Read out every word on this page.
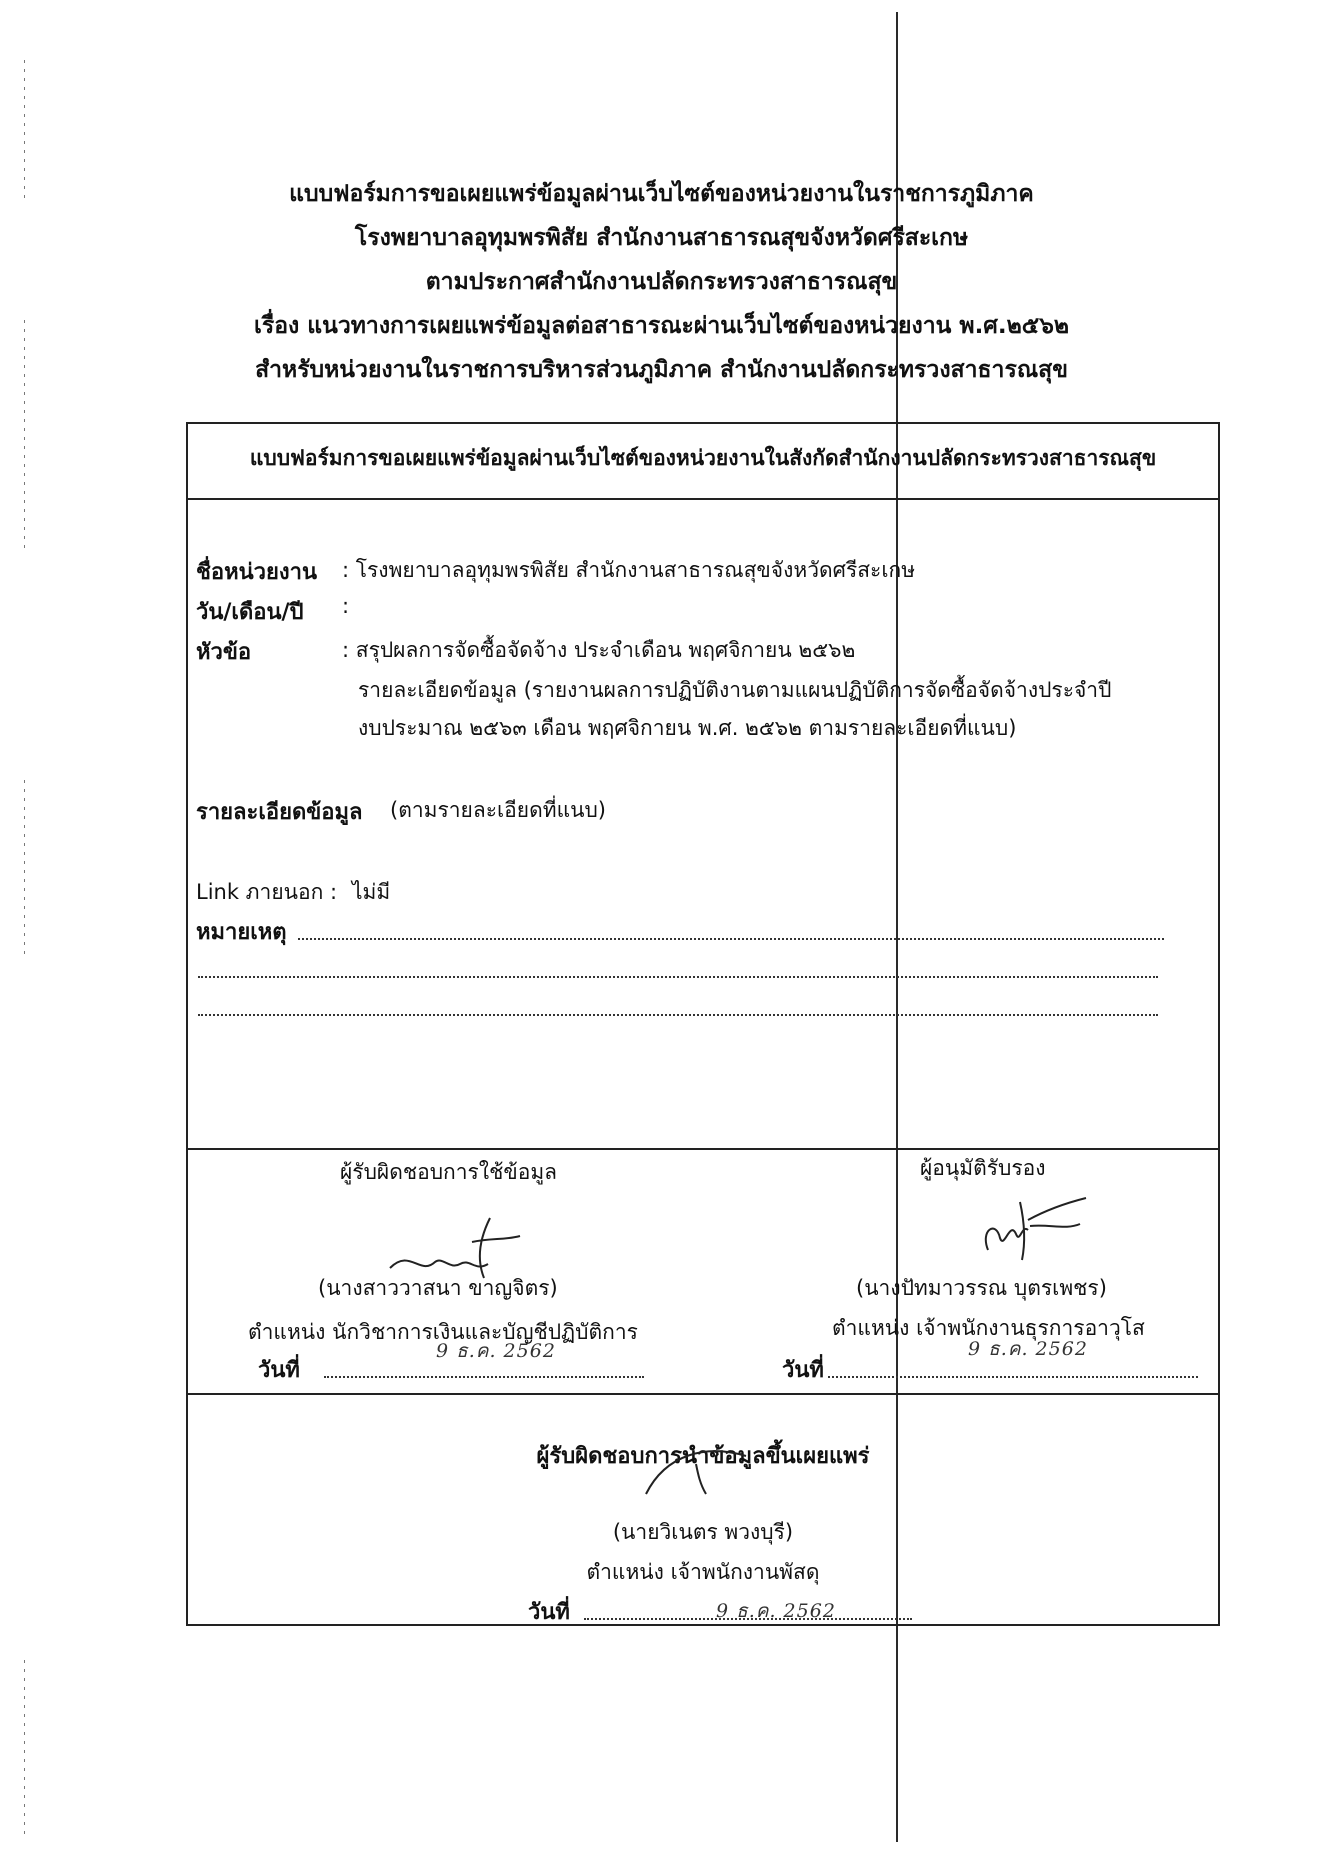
แบบฟอร์มการขอเผยแพร่ข้อมูลผ่านเว็บไซต์ของหน่วยงานในราชการภูมิภาค
โรงพยาบาลอุทุมพรพิสัย สำนักงานสาธารณสุขจังหวัดศรีสะเกษ
ตามประกาศสำนักงานปลัดกระทรวงสาธารณสุข
เรื่อง แนวทางการเผยแพร่ข้อมูลต่อสาธารณะผ่านเว็บไซต์ของหน่วยงาน พ.ศ.๒๕๖๒
สำหรับหน่วยงานในราชการบริหารส่วนภูมิภาค สำนักงานปลัดกระทรวงสาธารณสุข
แบบฟอร์มการขอเผยแพร่ข้อมูลผ่านเว็บไซต์ของหน่วยงานในสังกัดสำนักงานปลัดกระทรวงสาธารณสุข
ชื่อหน่วยงาน : โรงพยาบาลอุทุมพรพิสัย สำนักงานสาธารณสุขจังหวัดศรีสะเกษ
วัน/เดือน/ปี :
หัวข้อ	: สรุปผลการจัดซื้อจัดจ้าง ประจำเดือน พฤศจิกายน ๒๕๖๒
รายละเอียดข้อมูล (รายงานผลการปฏิบัติงานตามแผนปฏิบัติการจัดซื้อจัดจ้างประจำปี
งบประมาณ ๒๕๖๓ เดือน พฤศจิกายน พ.ศ. ๒๕๖๒ ตามรายละเอียดที่แนบ)
รายละเอียดข้อมูล (ตามรายละเอียดที่แนบ)
Link ภายนอก : ไม่มี
หมายเหตุ
ผู้รับผิดชอบการใช้ข้อมูล
(นางสาววาสนา ขาญจิตร)
ตำแหน่ง นักวิชาการเงินและบัญชีปฏิบัติการ
วันที่
9 ธ.ค. 2562
ผู้อนุมัติรับรอง
(นางปัทมาวรรณ บุตรเพชร)
ตำแหน่ง เจ้าพนักงานธุรการอาวุโส
วันที่
9 ธ.ค. 2562
ผู้รับผิดชอบการนำข้อมูลขึ้นเผยแพร่
(นายวิเนตร พวงบุรี)
ตำแหน่ง เจ้าพนักงานพัสดุ
วันที่	9 ธ.ค. 2562
